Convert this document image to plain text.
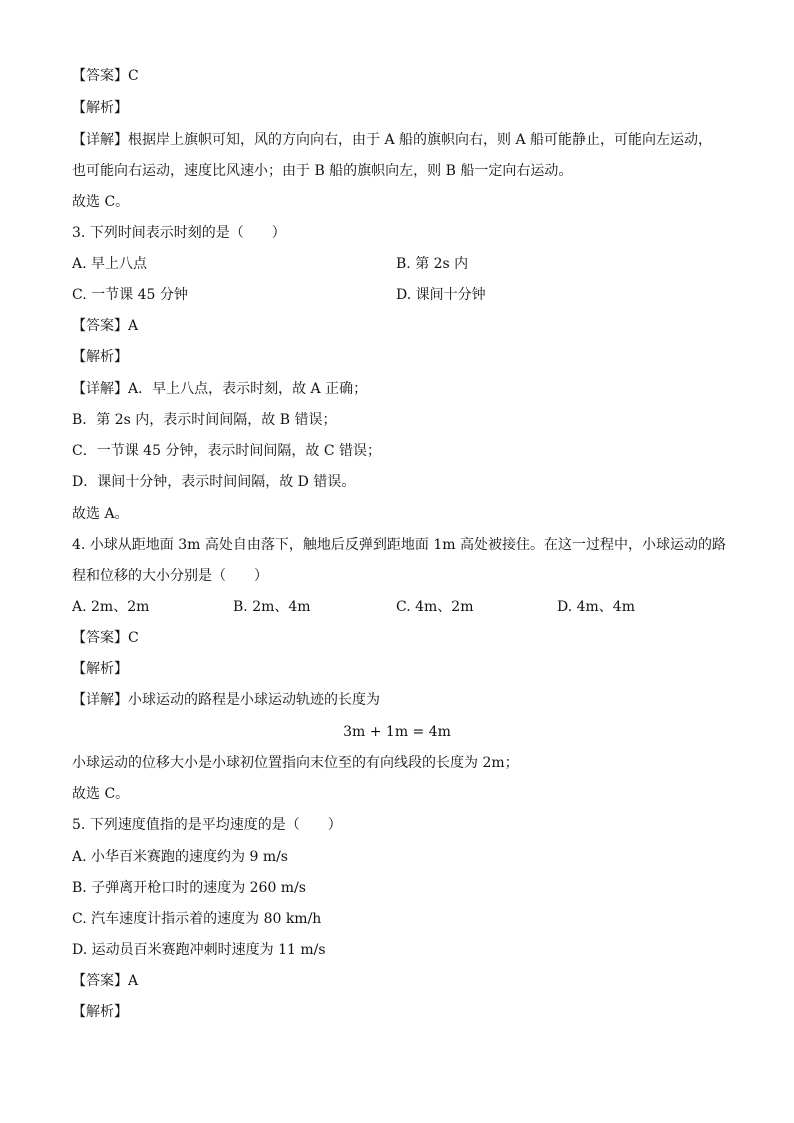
【答案】C
【解析】
【详解】根据岸上旗帜可知，风的方向向右，由于 A 船的旗帜向右，则 A 船可能静止，可能向左运动，
也可能向右运动，速度比风速小；由于 B 船的旗帜向左，则 B 船一定向右运动。
故选 C。
3. 下列时间表示时刻的是（　　）
A. 早上八点	B. 第 2s 内
C. 一节课 45 分钟	D. 课间十分钟
【答案】A
【解析】
【详解】A．早上八点，表示时刻，故 A 正确；
B．第 2s 内，表示时间间隔，故 B 错误；
C．一节课 45 分钟，表示时间间隔，故 C 错误；
D．课间十分钟，表示时间间隔，故 D 错误。
故选 A。
4. 小球从距地面 3m 高处自由落下，触地后反弹到距地面 1m 高处被接住。在这一过程中，小球运动的路
程和位移的大小分别是（　　）
A. 2m、2m	B. 2m、4m	C. 4m、2m	D. 4m、4m
【答案】C
【解析】
【详解】小球运动的路程是小球运动轨迹的长度为
3m + 1m = 4m
小球运动的位移大小是小球初位置指向末位至的有向线段的长度为 2m；
故选 C。
5. 下列速度值指的是平均速度的是（　　）
A. 小华百米赛跑的速度约为 9 m/s
B. 子弹离开枪口时的速度为 260 m/s
C. 汽车速度计指示着的速度为 80 km/h
D. 运动员百米赛跑冲刺时速度为 11 m/s
【答案】A
【解析】
